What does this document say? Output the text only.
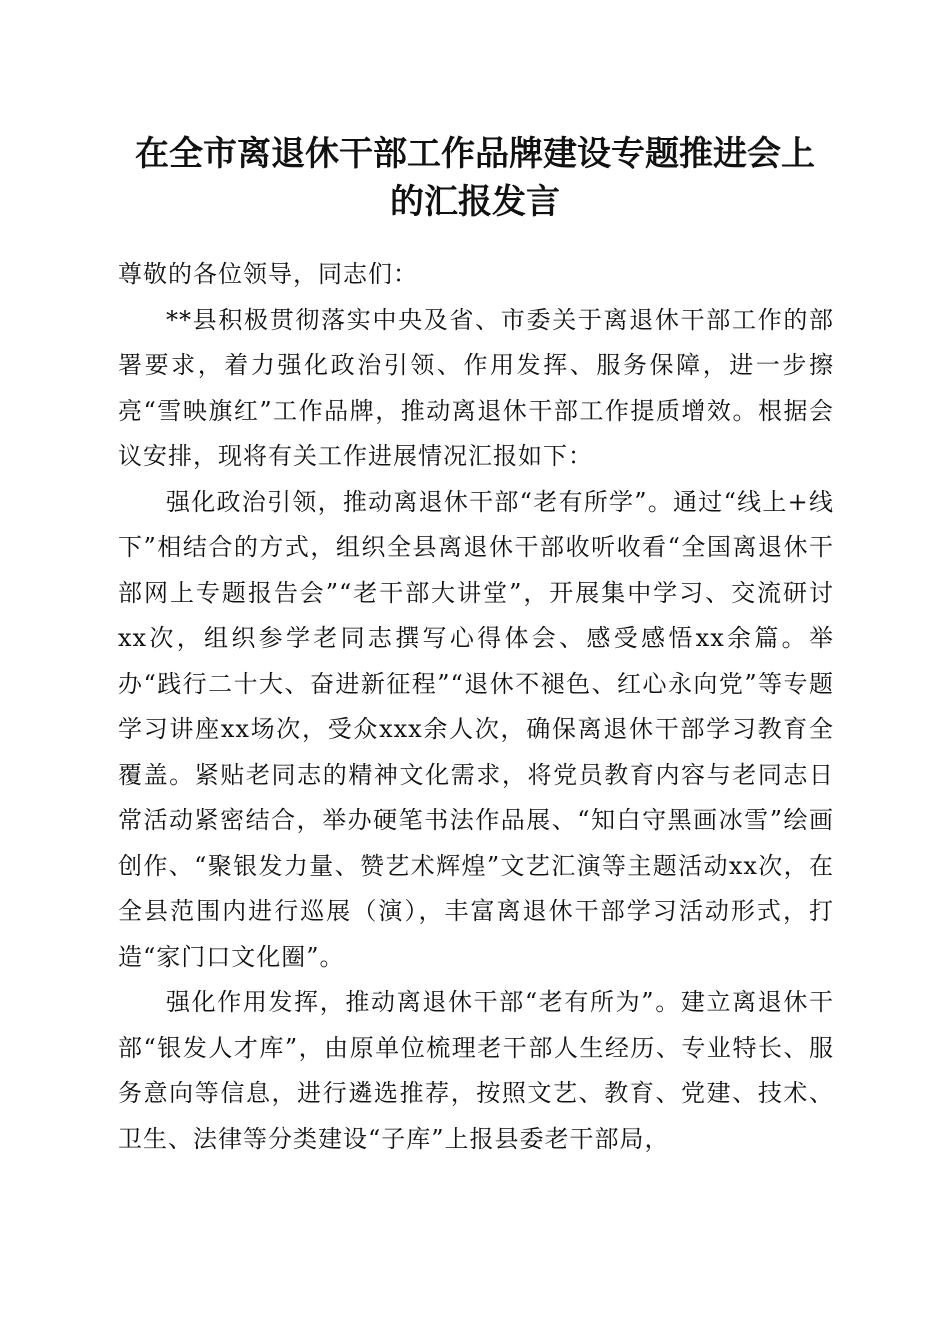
在全市离退休干部工作品牌建设专题推进会上
的汇报发言

尊敬的各位领导，同志们：

**县积极贯彻落实中央及省、市委关于离退休干部工作的部署要求，着力强化政治引领、作用发挥、服务保障，进一步擦亮“雪映旗红”工作品牌，推动离退休干部工作提质增效。根据会议安排，现将有关工作进展情况汇报如下：

强化政治引领，推动离退休干部“老有所学”。通过“线上+线下”相结合的方式，组织全县离退休干部收听收看“全国离退休干部网上专题报告会”“老干部大讲堂”，开展集中学习、交流研讨xx次，组织参学老同志撰写心得体会、感受感悟xx余篇。举办“践行二十大、奋进新征程”“退休不褪色、红心永向党”等专题学习讲座xx场次，受众xxx余人次，确保离退休干部学习教育全覆盖。紧贴老同志的精神文化需求，将党员教育内容与老同志日常活动紧密结合，举办硬笔书法作品展、“知白守黑画冰雪”绘画创作、“聚银发力量、赞艺术辉煌”文艺汇演等主题活动xx次，在全县范围内进行巡展（演），丰富离退休干部学习活动形式，打造“家门口文化圈”。

强化作用发挥，推动离退休干部“老有所为”。建立离退休干部“银发人才库”，由原单位梳理老干部人生经历、专业特长、服务意向等信息，进行遴选推荐，按照文艺、教育、党建、技术、卫生、法律等分类建设“子库”上报县委老干部局，
